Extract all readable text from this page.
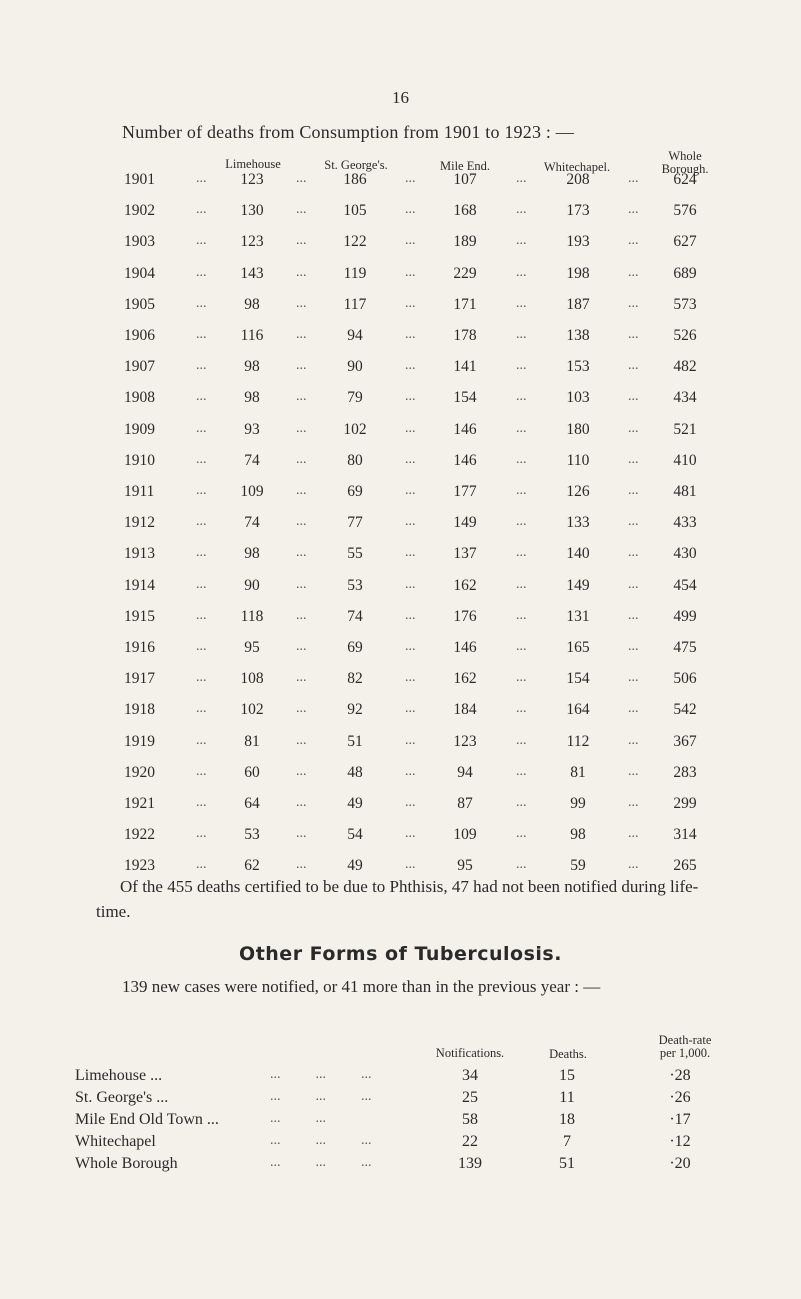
16
Number of deaths from Consumption from 1901 to 1923 : —
Limehouse	St. George's.	Mile End.	Whitechapel.
Whole
Borough.
1901	123	186	107	208	624
...	...	...	...	...
1902	130	105	168	173	576
...	...	...	...	...
1903	123	122	189	193	627
...	...	...	...	...
1904	143	119	229	198	689
...	...	...	...	...
1905	98	117	171	187	573
...	...	...	...	...
1906	116	94	178	138	526
...	...	...	...	...
1907	98	90	141	153	482
...	...	...	...	...
1908	98	79	154	103	434
...	...	...	...	...
1909	93	102	146	180	521
...	...	...	...	...
1910	74	80	146	110	410
...	...	...	...	...
1911	109	69	177	126	481
...	...	...	...	...
1912	74	77	149	133	433
...	...	...	...	...
1913	98	55	137	140	430
...	...	...	...	...
1914	90	53	162	149	454
...	...	...	...	...
1915	118	74	176	131	499
...	...	...	...	...
1916	95	69	146	165	475
...	...	...	...	...
1917	108	82	162	154	506
...	...	...	...	...
1918	102	92	184	164	542
...	...	...	...	...
1919	81	51	123	112	367
...	...	...	...	...
1920	60	48	94	81	283
...	...	...	...	...
1921	64	49	87	99	299
...	...	...	...	...
1922	53	54	109	98	314
...	...	...	...	...
1923	62	49	95	59	265
...	...	...	...	...
Of the 455 deaths certified to be due to Phthisis, 47 had not been notified during life-time.
Other Forms of Tuberculosis.
139 new cases were notified, or 41 more than in the previous year : —
Notifications.	Deaths.
Death-rate
per 1,000.
Limehouse ...	...          ...          ...	34	15	·28
St. George's ...	...          ...          ...	25	11	·26
Mile End Old Town ...	...          ...	58	18	·17
Whitechapel	...          ...          ...	22	7	·12
Whole Borough	...          ...          ...	139	51	·20
